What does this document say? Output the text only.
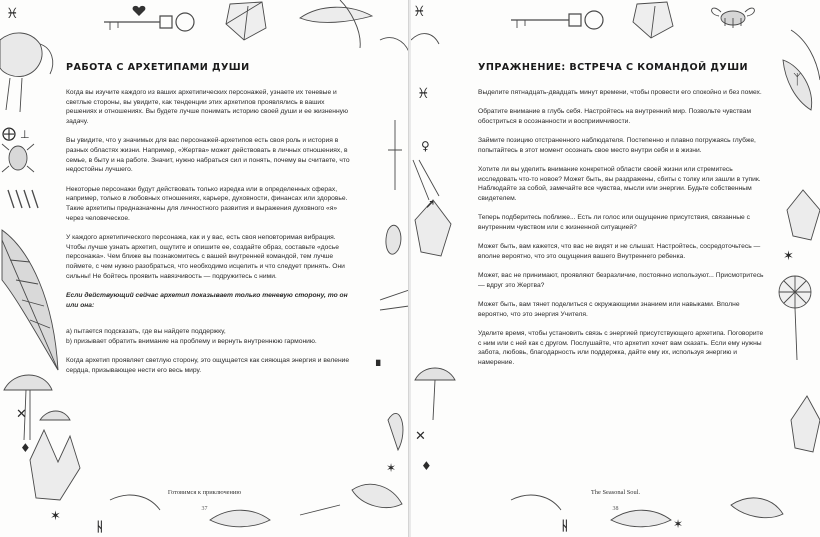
♓
⨁ ⊥
✕
✶
♦
ᚺ
∎
✶
РАБОТА С АРХЕТИПАМИ ДУШИ

Когда вы изучите каждого из ваших архетипических персонажей, узнаете их теневые и светлые стороны, вы увидите, как тенденции этих архетипов проявлялись в ваших решениях и отношениях. Вы будете лучше понимать историю своей души и ее жизненную задачу.

Вы увидите, что у значимых для вас персонажей-архетипов есть своя роль и история в разных областях жизни. Например, «Жертва» может действовать в личных отношениях, в семье, в быту и на работе. Значит, нужно набраться сил и понять, почему вы считаете, что недостойны лучшего.

Некоторые персонажи будут действовать только изредка или в определенных сферах, например, только в любовных отношениях, карьере, духовности, финансах или здоровье. Такие архетипы предназначены для личностного развития и выражения духовного «я» через человеческое.

У каждого архетипического персонажа, как и у вас, есть своя неповторимая вибрация. Чтобы лучше узнать архетип, ощутите и опишите ее, создайте образ, составьте «досье персонажа». Чем ближе вы познакомитесь с вашей внутренней командой, тем лучше поймете, с чем нужно разобраться, что необходимо исцелить и что следует принять. Они сильны! Не бойтесь проявить навязчивость — подружитесь с ними.

Если действующий сейчас архетип показывает только теневую сторону, то он или она:

а) пытается подсказать, где вы найдете поддержку,
b) призывает обратить внимание на проблему и вернуть внутреннюю гармонию.

Когда архетип проявляет светлую сторону, это ощущается как сияющая энергия и веление сердца, призывающее нести его весь миру.

Готовимся к приключению
37
♓
ᛉ
♓
♀
↗
✕
♦
✶
ᚺ	✶
УПРАЖНЕНИЕ: ВСТРЕЧА С КОМАНДОЙ ДУШИ

Выделите пятнадцать-двадцать минут времени, чтобы провести его спокойно и без помех.

Обратите внимание в глубь себя. Настройтесь на внутренний мир. Позвольте чувствам обостриться в осознанности и восприимчивости.

Займите позицию отстраненного наблюдателя. Постепенно и плавно погружаясь глубже, попытайтесь в этот момент осознать свое место внутри себя и в жизни.

Хотите ли вы уделить внимание конкретной области своей жизни или стремитесь исследовать что-то новое? Может быть, вы раздражены, сбиты с толку или зашли в тупик. Наблюдайте за собой, замечайте все чувства, мысли или энергии. Будьте собственным свидетелем.

Теперь подберитесь поближе... Есть ли голос или ощущение присутствия, связанные с внутренним чувством или с жизненной ситуацией?

Может быть, вам кажется, что вас не видят и не слышат. Настройтесь, сосредоточьтесь — вполне вероятно, что это ощущения вашего Внутреннего ребенка.

Может, вас не принимают, проявляют безразличие, постоянно используют... Присмотритесь — вдруг это Жертва?

Может быть, вам тянет поделиться с окружающими знанием или навыками. Вполне вероятно, что это энергия Учителя.

Уделите время, чтобы установить связь с энергией присутствующего архетипа. Поговорите с ним или с ней как с другом. Послушайте, что архетип хочет вам сказать. Если ему нужны забота, любовь, благодарность или поддержка, дайте ему их, используя энергию и намерение.

The Seasonal Soul.
38
